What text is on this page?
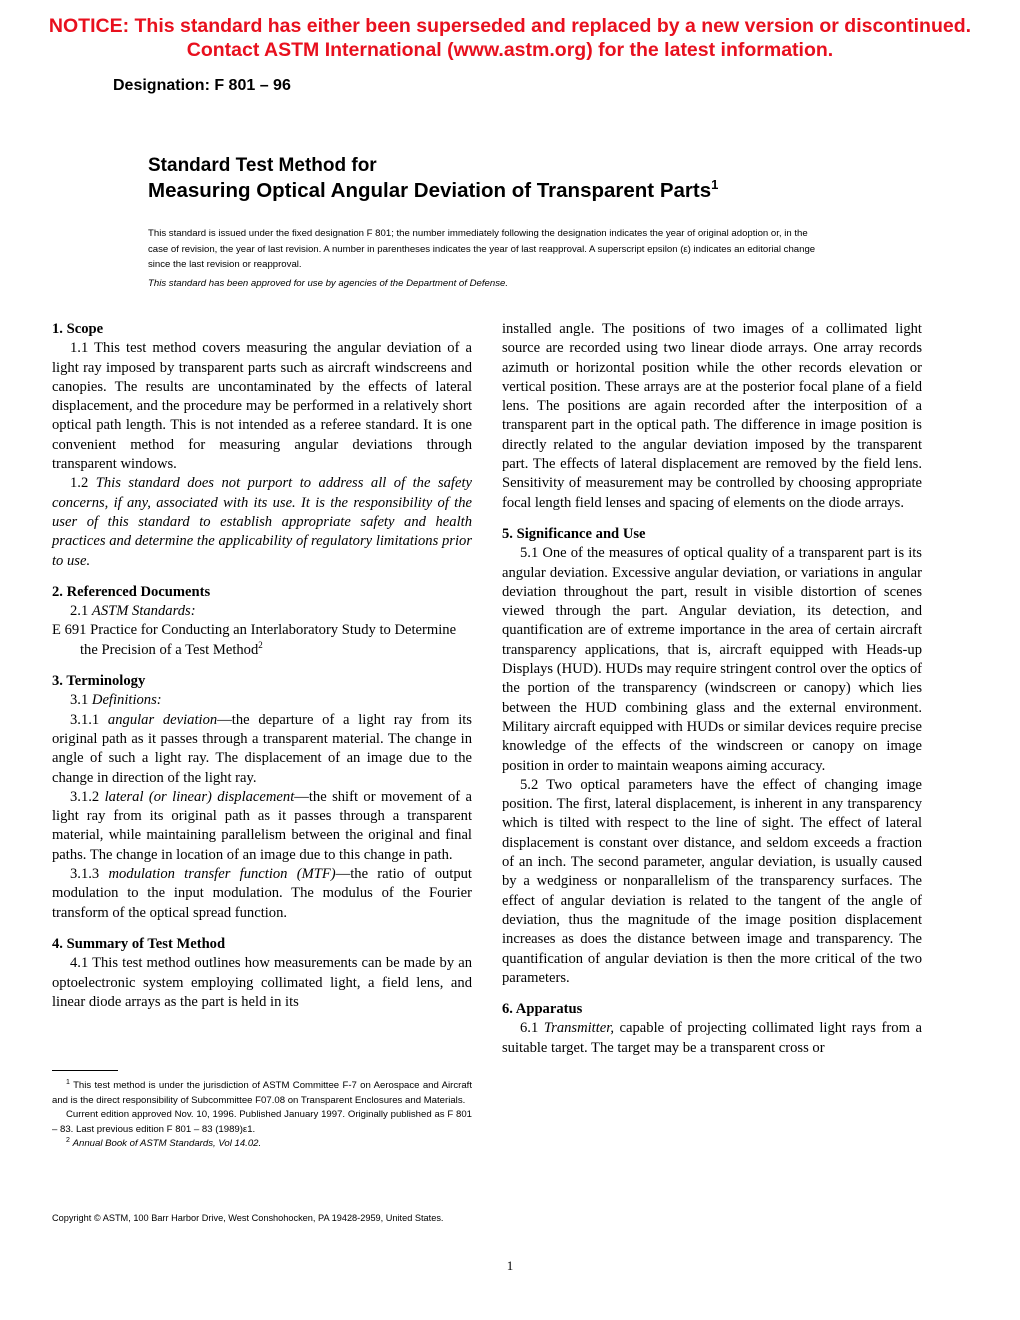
NOTICE: This standard has either been superseded and replaced by a new version or discontinued.
Contact ASTM International (www.astm.org) for the latest information.
Designation: F 801 – 96
Standard Test Method for
Measuring Optical Angular Deviation of Transparent Parts$^1$
This standard is issued under the fixed designation F 801; the number immediately following the designation indicates the year of original adoption or, in the case of revision, the year of last revision. A number in parentheses indicates the year of last reapproval. A superscript epsilon (ε) indicates an editorial change since the last revision or reapproval.
This standard has been approved for use by agencies of the Department of Defense.
1. Scope

1.1 This test method covers measuring the angular deviation of a light ray imposed by transparent parts such as aircraft windscreens and canopies. The results are uncontaminated by the effects of lateral displacement, and the procedure may be performed in a relatively short optical path length. This is not intended as a referee standard. It is one convenient method for measuring angular deviations through transparent windows.

1.2 This standard does not purport to address all of the safety concerns, if any, associated with its use. It is the responsibility of the user of this standard to establish appropriate safety and health practices and determine the applicability of regulatory limitations prior to use.

2. Referenced Documents

2.1 ASTM Standards:

E 691 Practice for Conducting an Interlaboratory Study to Determine the Precision of a Test Method$^2$

3. Terminology

3.1 Definitions:

3.1.1 angular deviation—the departure of a light ray from its original path as it passes through a transparent material. The change in angle of such a light ray. The displacement of an image due to the change in direction of the light ray.

3.1.2 lateral (or linear) displacement—the shift or movement of a light ray from its original path as it passes through a transparent material, while maintaining parallelism between the original and final paths. The change in location of an image due to this change in path.

3.1.3 modulation transfer function (MTF)—the ratio of output modulation to the input modulation. The modulus of the Fourier transform of the optical spread function.

4. Summary of Test Method

4.1 This test method outlines how measurements can be made by an optoelectronic system employing collimated light, a field lens, and linear diode arrays as the part is held in its

installed angle. The positions of two images of a collimated light source are recorded using two linear diode arrays. One array records azimuth or horizontal position while the other records elevation or vertical position. These arrays are at the posterior focal plane of a field lens. The positions are again recorded after the interposition of a transparent part in the optical path. The difference in image position is directly related to the angular deviation imposed by the transparent part. The effects of lateral displacement are removed by the field lens. Sensitivity of measurement may be controlled by choosing appropriate focal length field lenses and spacing of elements on the diode arrays.

5. Significance and Use

5.1 One of the measures of optical quality of a transparent part is its angular deviation. Excessive angular deviation, or variations in angular deviation throughout the part, result in visible distortion of scenes viewed through the part. Angular deviation, its detection, and quantification are of extreme importance in the area of certain aircraft transparency applications, that is, aircraft equipped with Heads-up Displays (HUD). HUDs may require stringent control over the optics of the portion of the transparency (windscreen or canopy) which lies between the HUD combining glass and the external environment. Military aircraft equipped with HUDs or similar devices require precise knowledge of the effects of the windscreen or canopy on image position in order to maintain weapons aiming accuracy.

5.2 Two optical parameters have the effect of changing image position. The first, lateral displacement, is inherent in any transparency which is tilted with respect to the line of sight. The effect of lateral displacement is constant over distance, and seldom exceeds a fraction of an inch. The second parameter, angular deviation, is usually caused by a wedginess or nonparallelism of the transparency surfaces. The effect of angular deviation is related to the tangent of the angle of deviation, thus the magnitude of the image position displacement increases as does the distance between image and transparency. The quantification of angular deviation is then the more critical of the two parameters.

6. Apparatus

6.1 Transmitter, capable of projecting collimated light rays from a suitable target. The target may be a transparent cross or

$^1$ This test method is under the jurisdiction of ASTM Committee F-7 on Aerospace and Aircraft and is the direct responsibility of Subcommittee F07.08 on Transparent Enclosures and Materials.

Current edition approved Nov. 10, 1996. Published January 1997. Originally published as F 801 – 83. Last previous edition F 801 – 83 (1989)ε1.

$^2$ Annual Book of ASTM Standards, Vol 14.02.

Copyright © ASTM, 100 Barr Harbor Drive, West Conshohocken, PA 19428-2959, United States.
1
